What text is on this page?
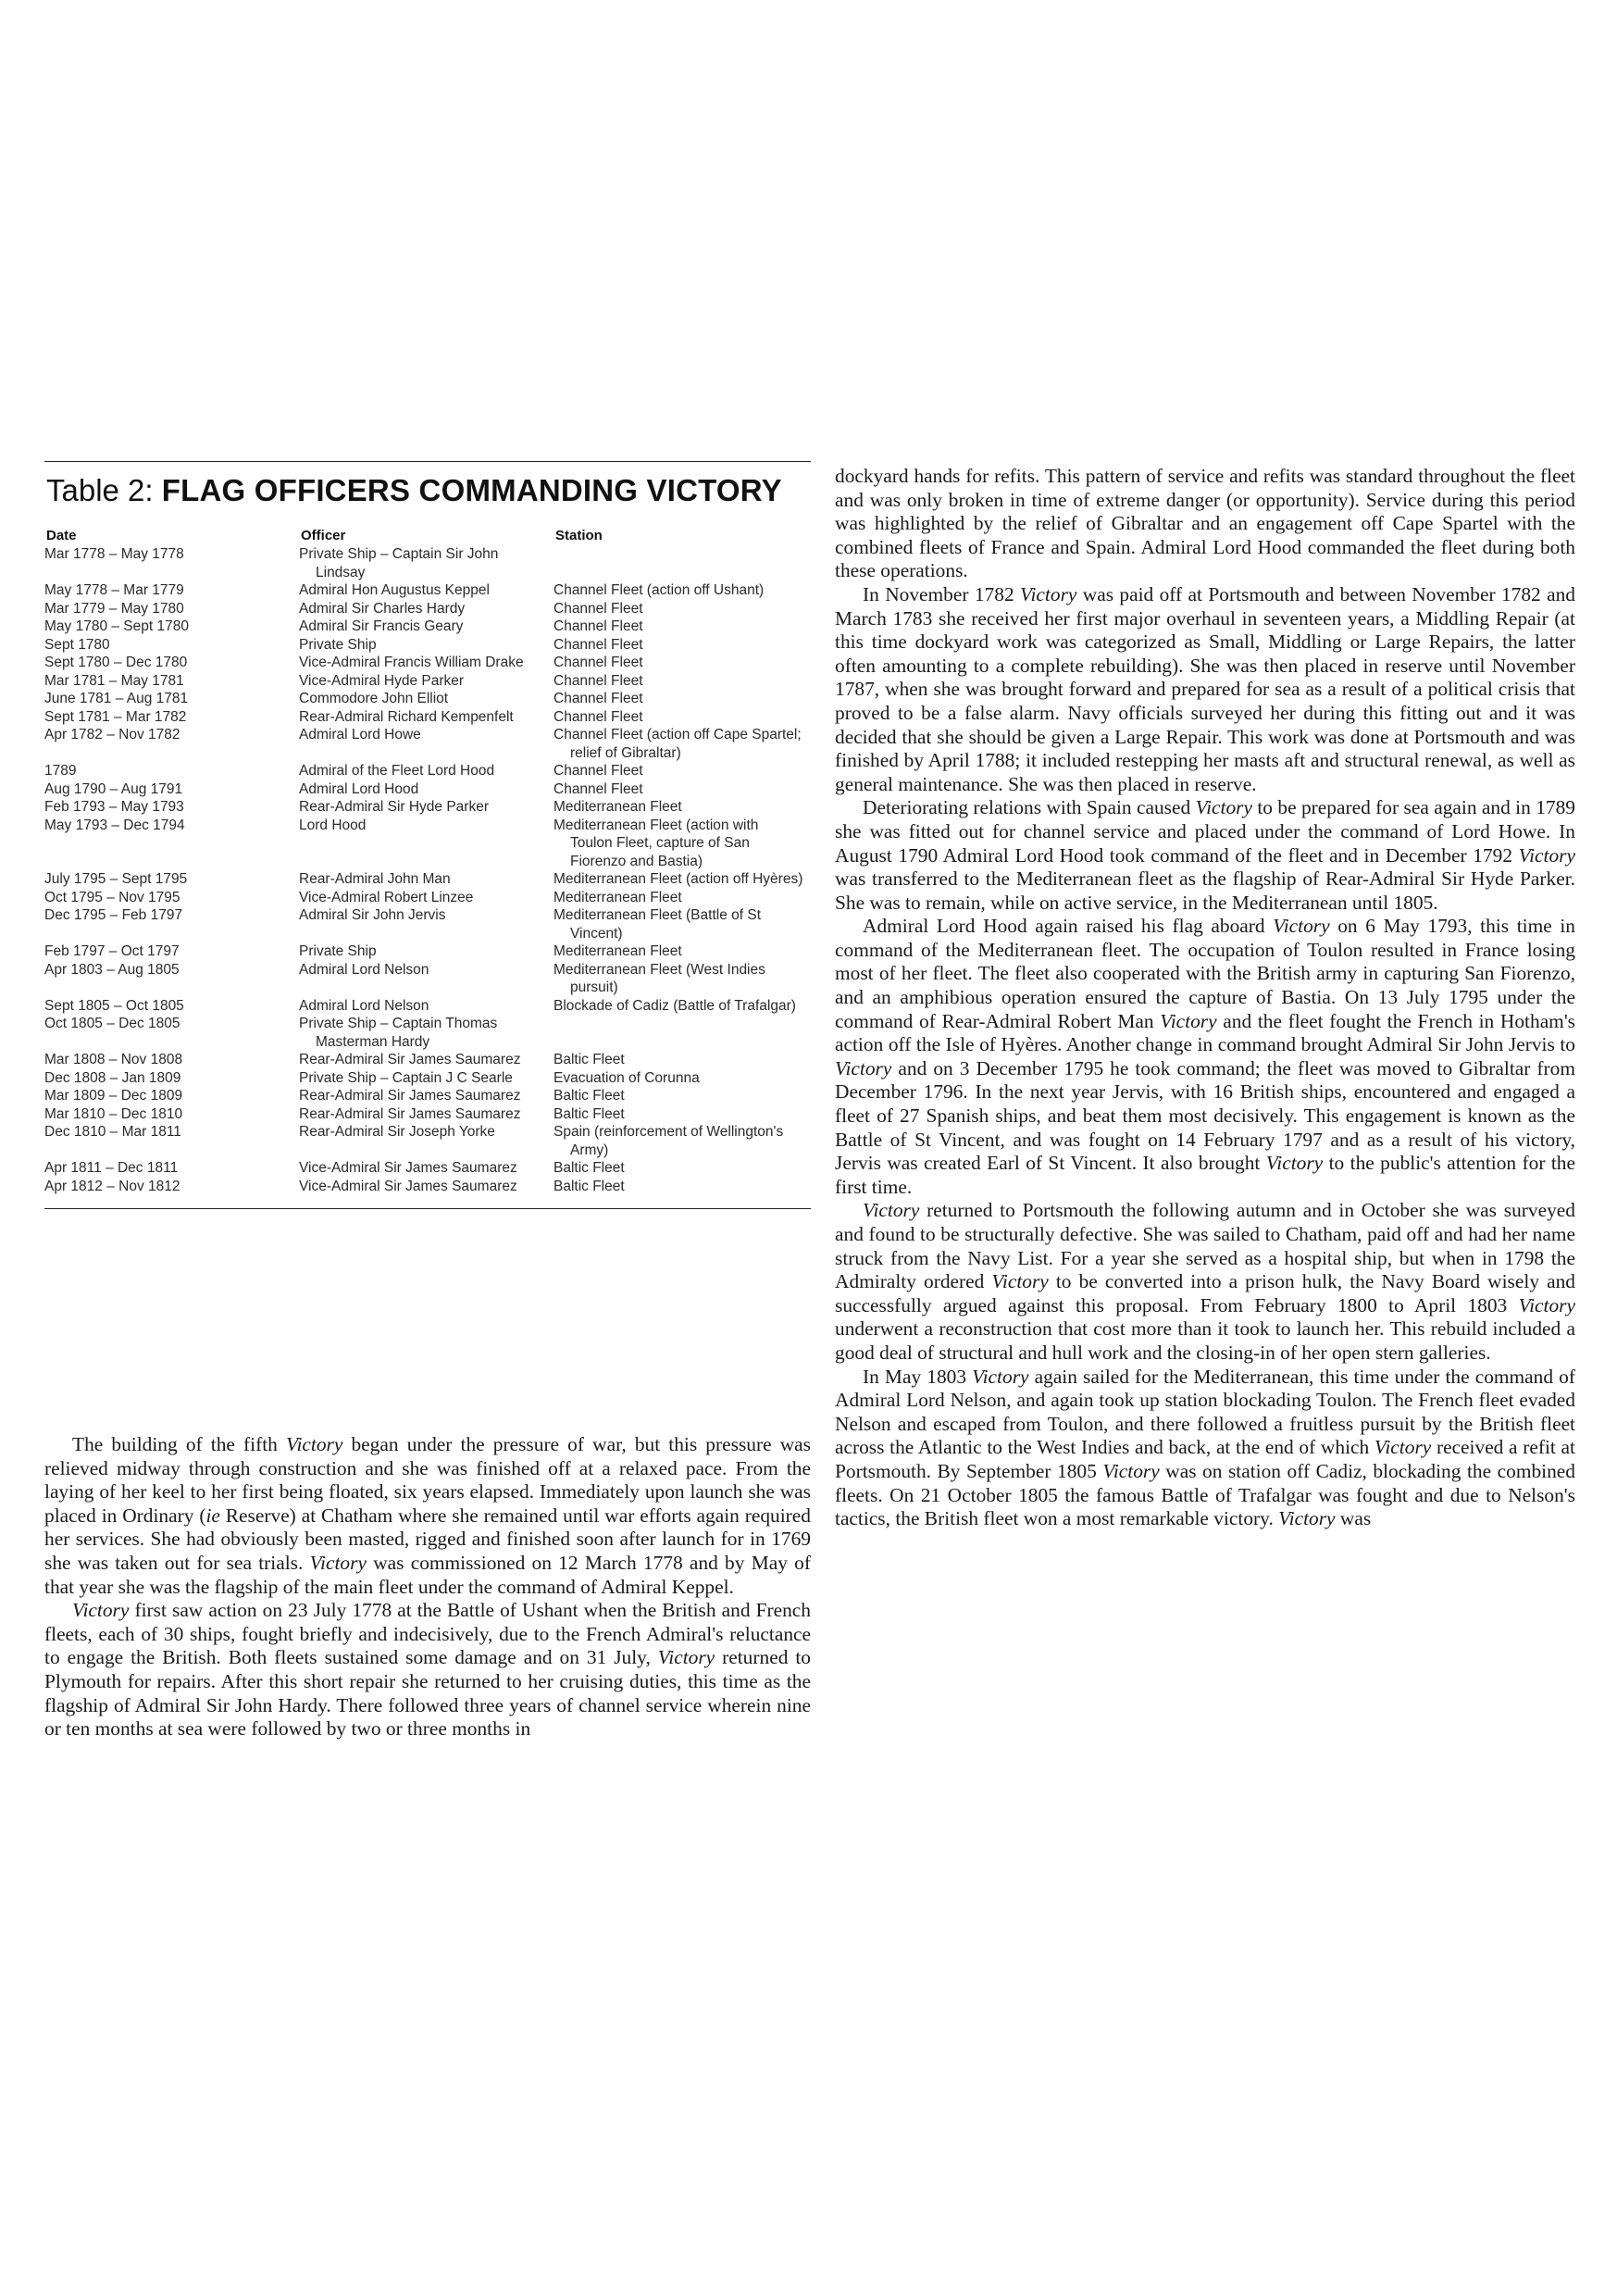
Table 2: FLAG OFFICERS COMMANDING VICTORY
Date	Officer	Station
Mar 1778 – May 1778	Private Ship – Captain Sir John Lindsay
May 1778 – Mar 1779	Admiral Hon Augustus Keppel	Channel Fleet (action off Ushant)
Mar 1779 – May 1780	Admiral Sir Charles Hardy	Channel Fleet
May 1780 – Sept 1780	Admiral Sir Francis Geary	Channel Fleet
Sept 1780	Private Ship	Channel Fleet
Sept 1780 – Dec 1780	Vice-Admiral Francis William Drake	Channel Fleet
Mar 1781 – May 1781	Vice-Admiral Hyde Parker	Channel Fleet
June 1781 – Aug 1781	Commodore John Elliot	Channel Fleet
Sept 1781 – Mar 1782	Rear-Admiral Richard Kempenfelt	Channel Fleet
Apr 1782 – Nov 1782	Admiral Lord Howe	Channel Fleet (action off Cape Spartel; relief of Gibraltar)
1789	Admiral of the Fleet Lord Hood	Channel Fleet
Aug 1790 – Aug 1791	Admiral Lord Hood	Channel Fleet
Feb 1793 – May 1793	Rear-Admiral Sir Hyde Parker	Mediterranean Fleet
May 1793 – Dec 1794	Lord Hood	Mediterranean Fleet (action with Toulon Fleet, capture of San Fiorenzo and Bastia)
July 1795 – Sept 1795	Rear-Admiral John Man	Mediterranean Fleet (action off Hyères)
Oct 1795 – Nov 1795	Vice-Admiral Robert Linzee	Mediterranean Fleet
Dec 1795 – Feb 1797	Admiral Sir John Jervis	Mediterranean Fleet (Battle of St Vincent)
Feb 1797 – Oct 1797	Private Ship	Mediterranean Fleet
Apr 1803 – Aug 1805	Admiral Lord Nelson	Mediterranean Fleet (West Indies pursuit)
Sept 1805 – Oct 1805	Admiral Lord Nelson	Blockade of Cadiz (Battle of Trafalgar)
Oct 1805 – Dec 1805	Private Ship – Captain Thomas Masterman Hardy
Mar 1808 – Nov 1808	Rear-Admiral Sir James Saumarez	Baltic Fleet
Dec 1808 – Jan 1809	Private Ship – Captain J C Searle	Evacuation of Corunna
Mar 1809 – Dec 1809	Rear-Admiral Sir James Saumarez	Baltic Fleet
Mar 1810 – Dec 1810	Rear-Admiral Sir James Saumarez	Baltic Fleet
Dec 1810 – Mar 1811	Rear-Admiral Sir Joseph Yorke	Spain (reinforcement of Wellington's Army)
Apr 1811 – Dec 1811	Vice-Admiral Sir James Saumarez	Baltic Fleet
Apr 1812 – Nov 1812	Vice-Admiral Sir James Saumarez	Baltic Fleet

The building of the fifth Victory began under the pressure of war, but this pressure was relieved midway through construction and she was finished off at a relaxed pace. From the laying of her keel to her first being floated, six years elapsed. Immediately upon launch she was placed in Ordinary (ie Reserve) at Chatham where she remained until war efforts again required her services. She had obviously been masted, rigged and finished soon after launch for in 1769 she was taken out for sea trials. Victory was commissioned on 12 March 1778 and by May of that year she was the flagship of the main fleet under the command of Admiral Keppel.

Victory first saw action on 23 July 1778 at the Battle of Ushant when the British and French fleets, each of 30 ships, fought briefly and indecisively, due to the French Admiral's reluctance to engage the British. Both fleets sustained some damage and on 31 July, Victory returned to Plymouth for repairs. After this short repair she returned to her cruising duties, this time as the flagship of Admiral Sir John Hardy. There followed three years of channel service wherein nine or ten months at sea were followed by two or three months in

dockyard hands for refits. This pattern of service and refits was standard throughout the fleet and was only broken in time of extreme danger (or opportunity). Service during this period was highlighted by the relief of Gibraltar and an engagement off Cape Spartel with the combined fleets of France and Spain. Admiral Lord Hood commanded the fleet during both these operations.

In November 1782 Victory was paid off at Portsmouth and between November 1782 and March 1783 she received her first major overhaul in seventeen years, a Middling Repair (at this time dockyard work was categorized as Small, Middling or Large Repairs, the latter often amounting to a complete rebuilding). She was then placed in reserve until November 1787, when she was brought forward and prepared for sea as a result of a political crisis that proved to be a false alarm. Navy officials surveyed her during this fitting out and it was decided that she should be given a Large Repair. This work was done at Portsmouth and was finished by April 1788; it included restepping her masts aft and structural renewal, as well as general maintenance. She was then placed in reserve.

Deteriorating relations with Spain caused Victory to be prepared for sea again and in 1789 she was fitted out for channel service and placed under the command of Lord Howe. In August 1790 Admiral Lord Hood took command of the fleet and in December 1792 Victory was transferred to the Mediterranean fleet as the flagship of Rear-Admiral Sir Hyde Parker. She was to remain, while on active service, in the Mediterranean until 1805.

Admiral Lord Hood again raised his flag aboard Victory on 6 May 1793, this time in command of the Mediterranean fleet. The occupation of Toulon resulted in France losing most of her fleet. The fleet also cooperated with the British army in capturing San Fiorenzo, and an amphibious operation ensured the capture of Bastia. On 13 July 1795 under the command of Rear-Admiral Robert Man Victory and the fleet fought the French in Hotham's action off the Isle of Hyères. Another change in command brought Admiral Sir John Jervis to Victory and on 3 December 1795 he took command; the fleet was moved to Gibraltar from December 1796. In the next year Jervis, with 16 British ships, encountered and engaged a fleet of 27 Spanish ships, and beat them most decisively. This engagement is known as the Battle of St Vincent, and was fought on 14 February 1797 and as a result of his victory, Jervis was created Earl of St Vincent. It also brought Victory to the public's attention for the first time.

Victory returned to Portsmouth the following autumn and in October she was surveyed and found to be structurally defective. She was sailed to Chatham, paid off and had her name struck from the Navy List. For a year she served as a hospital ship, but when in 1798 the Admiralty ordered Victory to be converted into a prison hulk, the Navy Board wisely and successfully argued against this proposal. From February 1800 to April 1803 Victory underwent a reconstruction that cost more than it took to launch her. This rebuild included a good deal of structural and hull work and the closing-in of her open stern galleries.

In May 1803 Victory again sailed for the Mediterranean, this time under the command of Admiral Lord Nelson, and again took up station blockading Toulon. The French fleet evaded Nelson and escaped from Toulon, and there followed a fruitless pursuit by the British fleet across the Atlantic to the West Indies and back, at the end of which Victory received a refit at Portsmouth. By September 1805 Victory was on station off Cadiz, blockading the combined fleets. On 21 October 1805 the famous Battle of Trafalgar was fought and due to Nelson's tactics, the British fleet won a most remarkable victory. Victory was
